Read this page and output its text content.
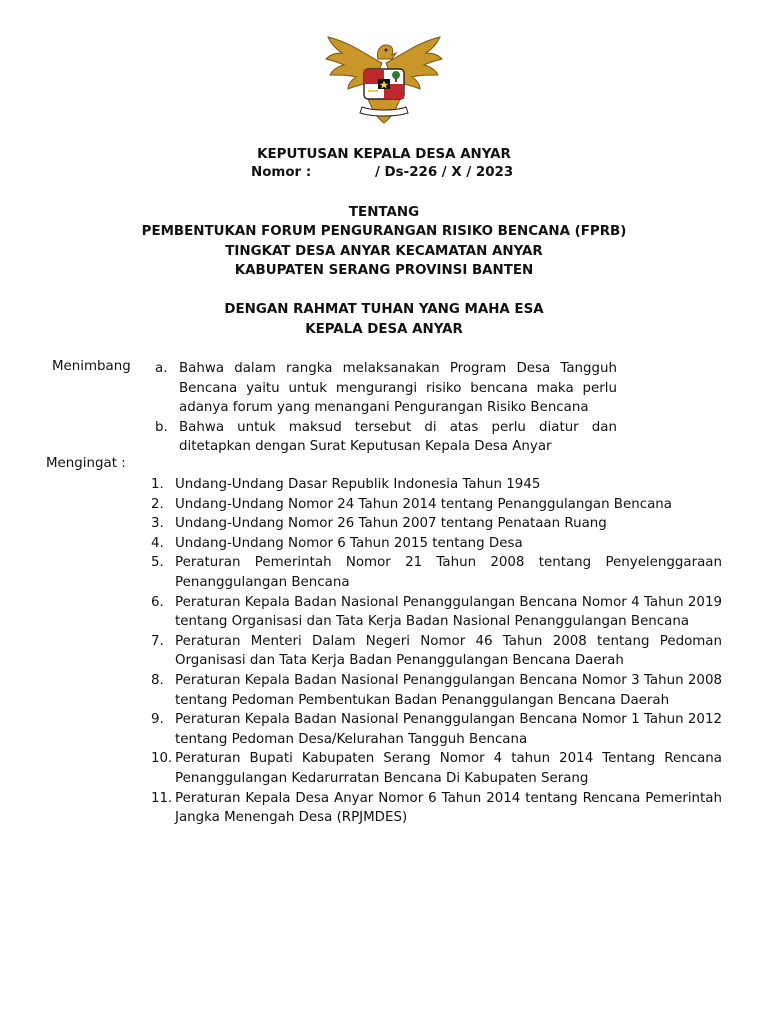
KEPUTUSAN KEPALA DESA ANYAR
Nomor :	/ Ds-226 / X / 2023
TENTANG
PEMBENTUKAN FORUM PENGURANGAN RISIKO BENCANA (FPRB)
TINGKAT DESA ANYAR KECAMATAN ANYAR
KABUPATEN SERANG PROVINSI BANTEN
DENGAN RAHMAT TUHAN YANG MAHA ESA
KEPALA DESA ANYAR
Menimbang a. Bahwa dalam rangka melaksanakan Program Desa Tangguh Bencana yaitu untuk mengurangi risiko bencana maka perlu adanya forum yang menangani Pengurangan Risiko Bencana
b. Bahwa untuk maksud tersebut di atas perlu diatur dan ditetapkan dengan Surat Keputusan Kepala Desa Anyar
Mengingat :
1. Undang-Undang Dasar Republik Indonesia Tahun 1945
2. Undang-Undang Nomor 24 Tahun 2014 tentang Penanggulangan Bencana
3. Undang-Undang Nomor 26 Tahun 2007 tentang Penataan Ruang
4. Undang-Undang Nomor 6 Tahun 2015 tentang Desa
5. Peraturan Pemerintah Nomor 21 Tahun 2008 tentang Penyelenggaraan Penanggulangan Bencana
6. Peraturan Kepala Badan Nasional Penanggulangan Bencana Nomor 4 Tahun 2019 tentang Organisasi dan Tata Kerja Badan Nasional Penanggulangan Bencana
7. Peraturan Menteri Dalam Negeri Nomor 46 Tahun 2008 tentang Pedoman Organisasi dan Tata Kerja Badan Penanggulangan Bencana Daerah
8. Peraturan Kepala Badan Nasional Penanggulangan Bencana Nomor 3 Tahun 2008 tentang Pedoman Pembentukan Badan Penanggulangan Bencana Daerah
9. Peraturan Kepala Badan Nasional Penanggulangan Bencana Nomor 1 Tahun 2012 tentang Pedoman Desa/Kelurahan Tangguh Bencana
10. Peraturan Bupati Kabupaten Serang Nomor 4 tahun 2014 Tentang Rencana Penanggulangan Kedarurratan Bencana Di Kabupaten Serang
11. Peraturan Kepala Desa Anyar Nomor 6 Tahun 2014 tentang Rencana Pemerintah Jangka Menengah Desa (RPJMDES)
